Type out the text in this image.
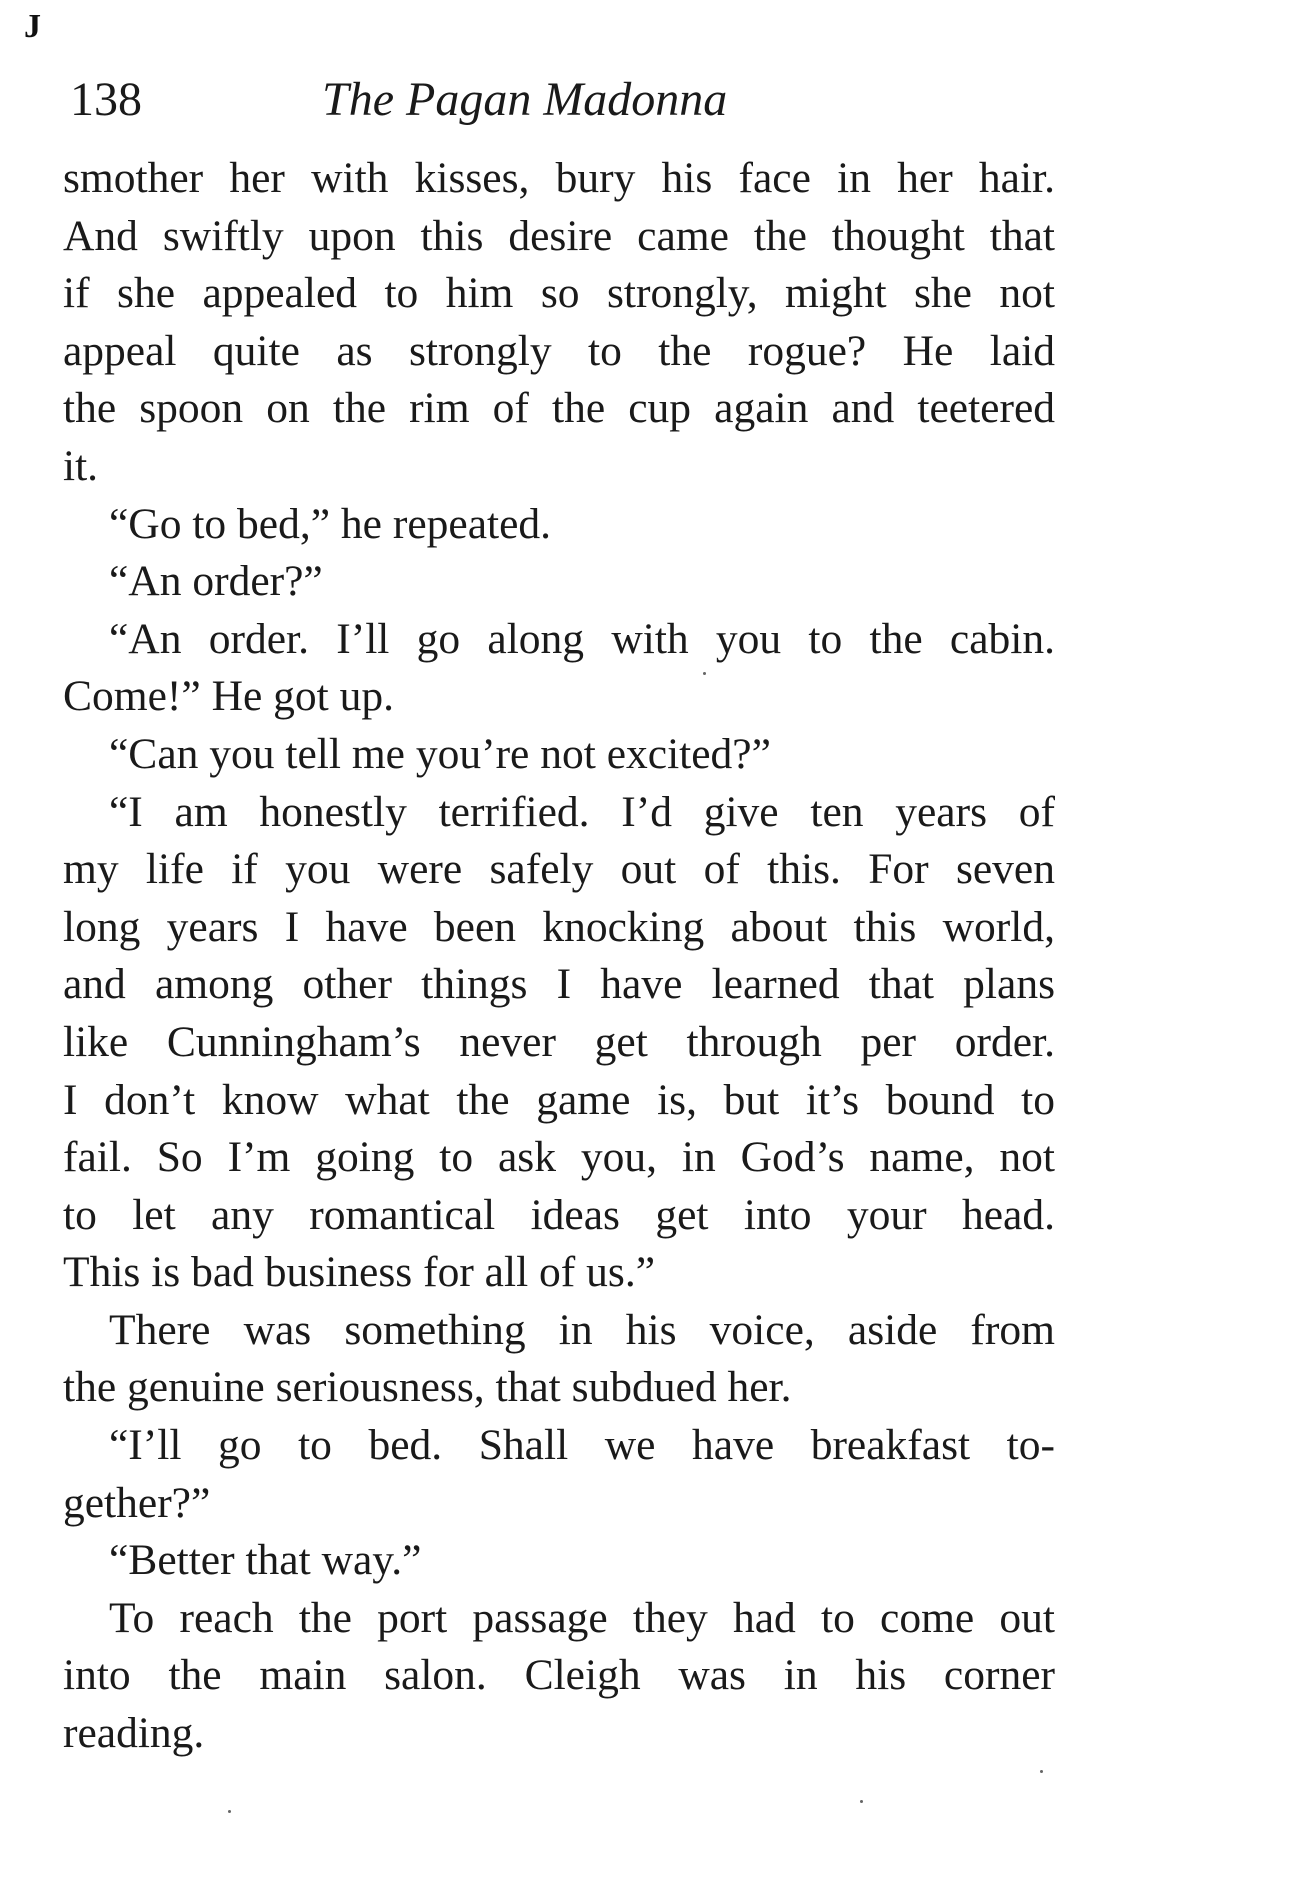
J
138	The Pagan Madonna
smother her with kisses, bury his face in her hair.
And swiftly upon this desire came the thought that
if she appealed to him so strongly, might she not
appeal quite as strongly to the rogue? He laid
the spoon on the rim of the cup again and teetered
it.
“Go to bed,” he repeated.
“An order?”
“An order. I’ll go along with you to the cabin.
Come!” He got up.
“Can you tell me you’re not excited?”
“I am honestly terrified. I’d give ten years of
my life if you were safely out of this. For seven
long years I have been knocking about this world,
and among other things I have learned that plans
like Cunningham’s never get through per order.
I don’t know what the game is, but it’s bound to
fail. So I’m going to ask you, in God’s name, not
to let any romantical ideas get into your head.
This is bad business for all of us.”
There was something in his voice, aside from
the genuine seriousness, that subdued her.
“I’ll go to bed. Shall we have breakfast to-
gether?”
“Better that way.”
To reach the port passage they had to come out
into the main salon. Cleigh was in his corner
reading.
